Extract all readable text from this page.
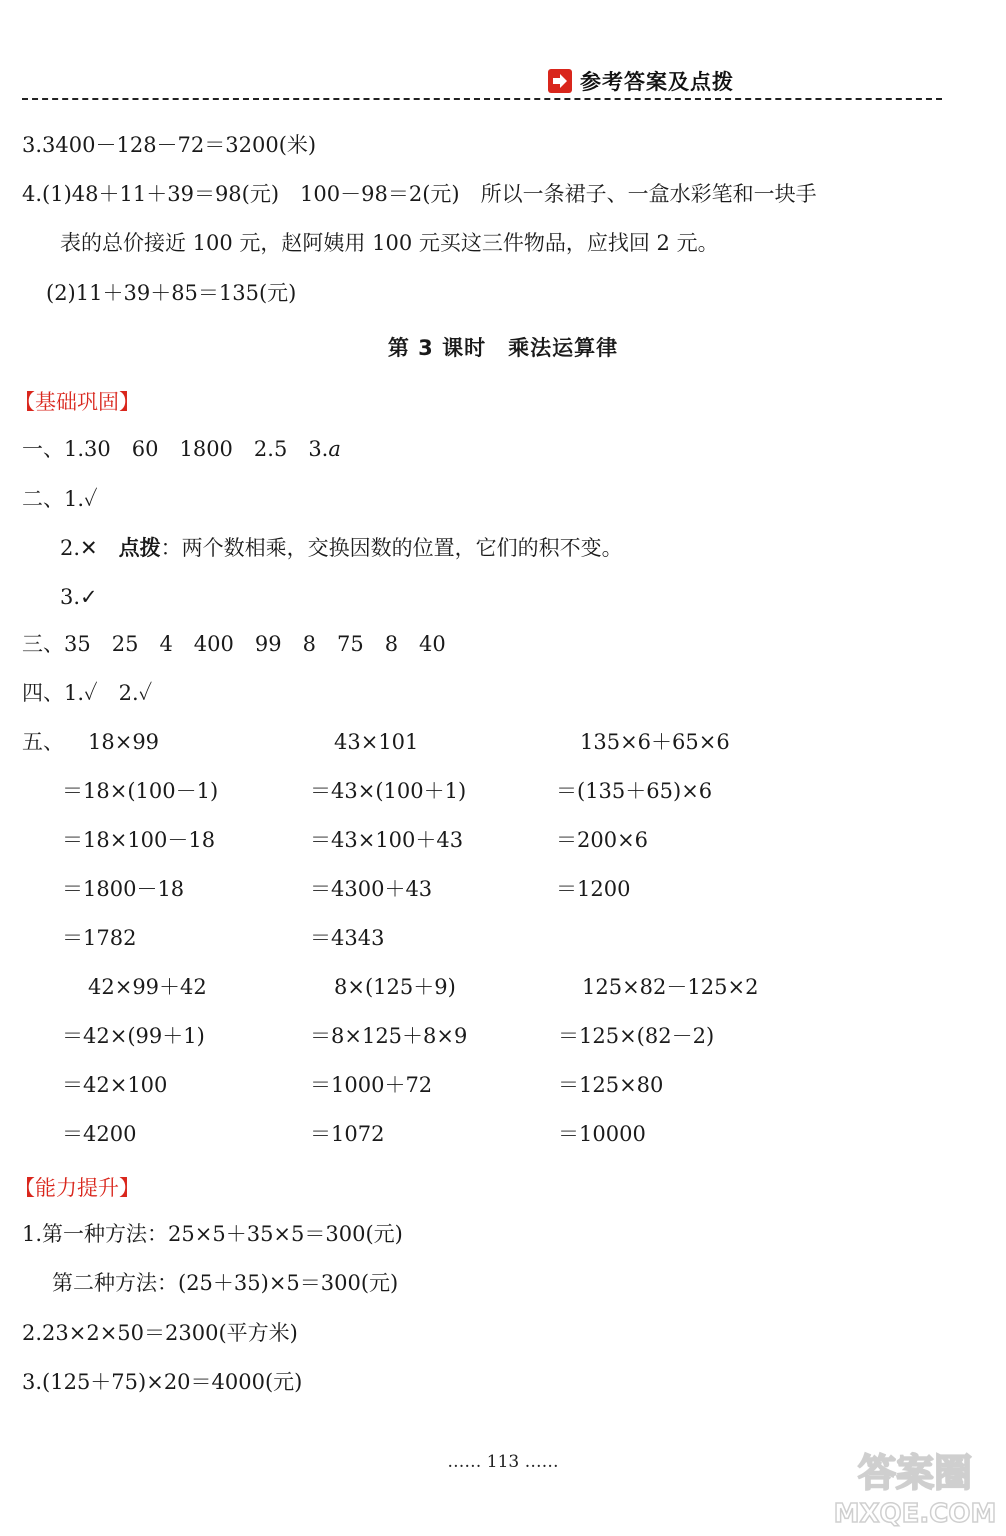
参考答案及点拨
3.3400－128－72＝3200(米)
4.(1)48＋11＋39＝98(元)　100－98＝2(元)　所以一条裙子、一盒水彩笔和一块手
表的总价接近 100 元，赵阿姨用 100 元买这三件物品，应找回 2 元。
(2)11＋39＋85＝135(元)
第 3 课时　乘法运算律
【基础巩固】
一、1.30　60　1800　2.5　3.a
二、1.✓
2.✕　点拨：两个数相乘，交换因数的位置，它们的积不变。
3.✓
三、35　25　4　400　99　8　75　8　40
四、1.✓　2.✓
五、 18×99
＝18×(100－1)
＝18×100－18
＝1800－18
＝1782
42×99＋42
＝42×(99＋1)
＝42×100
＝4200
43×101
＝43×(100＋1)
＝43×100＋43
＝4300＋43
＝4343
8×(125＋9)
＝8×125＋8×9
＝1000＋72
＝1072
135×6＋65×6
＝(135＋65)×6
＝200×6
＝1200
125×82－125×2
＝125×(82－2)
＝125×80
＝10000
【能力提升】
1.第一种方法：25×5＋35×5＝300(元)
第二种方法：(25＋35)×5＝300(元)
2.23×2×50＝2300(平方米)
3.(125＋75)×20＝4000(元)
…… 113 ……	答案圈
MXQE.COM
